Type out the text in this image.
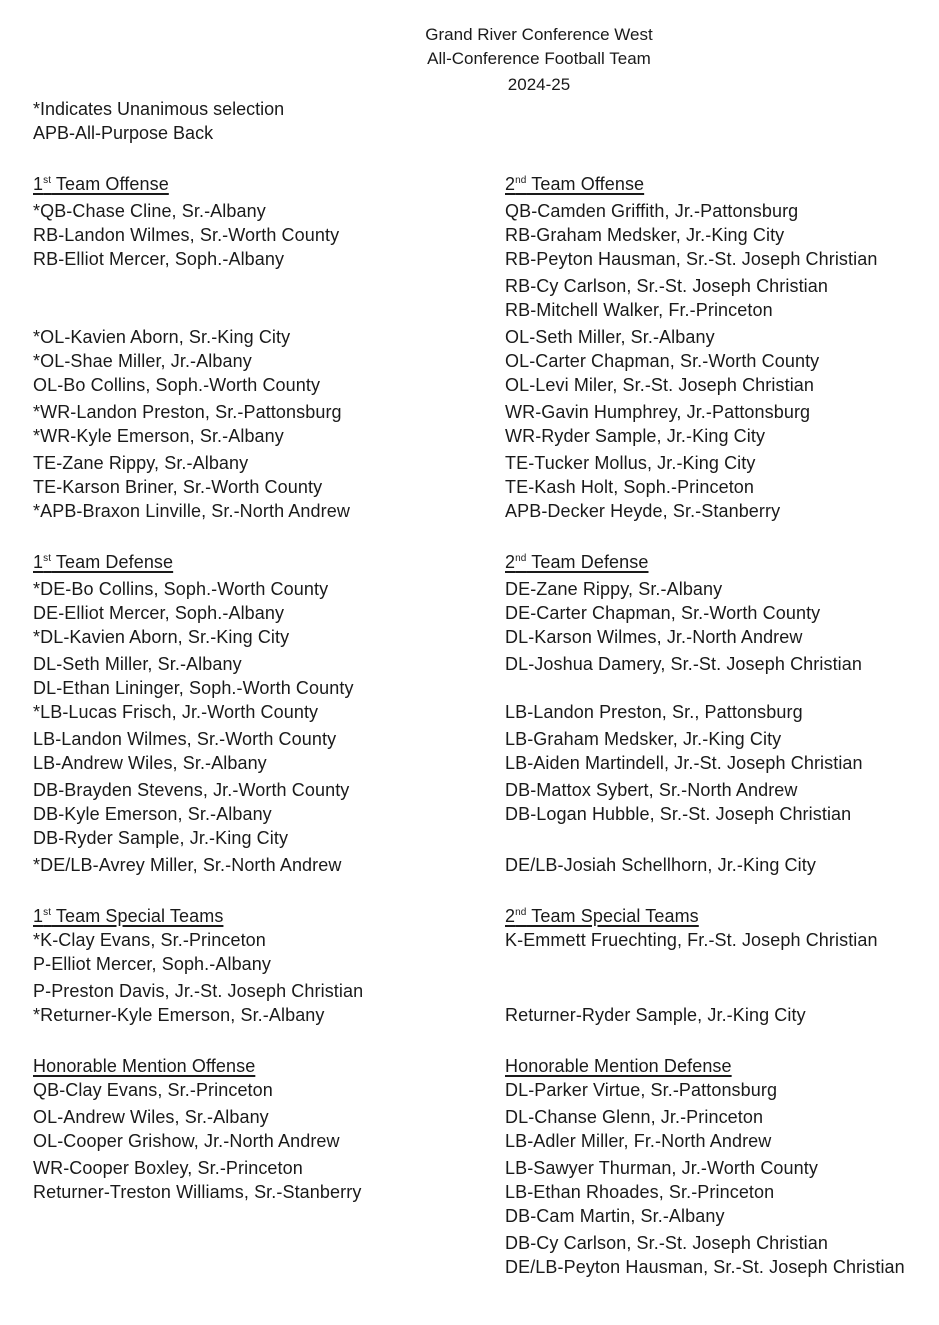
Grand River Conference West
All-Conference Football Team
2024-25
*Indicates Unanimous selection
APB-All-Purpose Back
1st Team Offense
*QB-Chase Cline, Sr.-Albany
RB-Landon Wilmes, Sr.-Worth County
RB-Elliot Mercer, Soph.-Albany
*OL-Kavien Aborn, Sr.-King City
*OL-Shae Miller, Jr.-Albany
OL-Bo Collins, Soph.-Worth County
*WR-Landon Preston, Sr.-Pattonsburg
*WR-Kyle Emerson, Sr.-Albany
TE-Zane Rippy, Sr.-Albany
TE-Karson Briner, Sr.-Worth County
*APB-Braxon Linville, Sr.-North Andrew
2nd Team Offense
QB-Camden Griffith, Jr.-Pattonsburg
RB-Graham Medsker, Jr.-King City
RB-Peyton Hausman, Sr.-St. Joseph Christian
RB-Cy Carlson, Sr.-St. Joseph Christian
RB-Mitchell Walker, Fr.-Princeton
OL-Seth Miller, Sr.-Albany
OL-Carter Chapman, Sr.-Worth County
OL-Levi Miler, Sr.-St. Joseph Christian
WR-Gavin Humphrey, Jr.-Pattonsburg
WR-Ryder Sample, Jr.-King City
TE-Tucker Mollus, Jr.-King City
TE-Kash Holt, Soph.-Princeton
APB-Decker Heyde, Sr.-Stanberry
1st Team Defense
*DE-Bo Collins, Soph.-Worth County
DE-Elliot Mercer, Soph.-Albany
*DL-Kavien Aborn, Sr.-King City
DL-Seth Miller, Sr.-Albany
DL-Ethan Lininger, Soph.-Worth County
*LB-Lucas Frisch, Jr.-Worth County
LB-Landon Wilmes, Sr.-Worth County
LB-Andrew Wiles, Sr.-Albany
DB-Brayden Stevens, Jr.-Worth County
DB-Kyle Emerson, Sr.-Albany
DB-Ryder Sample, Jr.-King City
*DE/LB-Avrey Miller, Sr.-North Andrew
2nd Team Defense
DE-Zane Rippy, Sr.-Albany
DE-Carter Chapman, Sr.-Worth County
DL-Karson Wilmes, Jr.-North Andrew
DL-Joshua Damery, Sr.-St. Joseph Christian
LB-Landon Preston, Sr., Pattonsburg
LB-Graham Medsker, Jr.-King City
LB-Aiden Martindell, Jr.-St. Joseph Christian
DB-Mattox Sybert, Sr.-North Andrew
DB-Logan Hubble, Sr.-St. Joseph Christian
DE/LB-Josiah Schellhorn, Jr.-King City
1st Team Special Teams
*K-Clay Evans, Sr.-Princeton
P-Elliot Mercer, Soph.-Albany
P-Preston Davis, Jr.-St. Joseph Christian
*Returner-Kyle Emerson, Sr.-Albany
2nd Team Special Teams
K-Emmett Fruechting, Fr.-St. Joseph Christian
Returner-Ryder Sample, Jr.-King City
Honorable Mention Offense
QB-Clay Evans, Sr.-Princeton
OL-Andrew Wiles, Sr.-Albany
OL-Cooper Grishow, Jr.-North Andrew
WR-Cooper Boxley, Sr.-Princeton
Returner-Treston Williams, Sr.-Stanberry
Honorable Mention Defense
DL-Parker Virtue, Sr.-Pattonsburg
DL-Chanse Glenn, Jr.-Princeton
LB-Adler Miller, Fr.-North Andrew
LB-Sawyer Thurman, Jr.-Worth County
LB-Ethan Rhoades, Sr.-Princeton
DB-Cam Martin, Sr.-Albany
DB-Cy Carlson, Sr.-St. Joseph Christian
DE/LB-Peyton Hausman, Sr.-St. Joseph Christian
